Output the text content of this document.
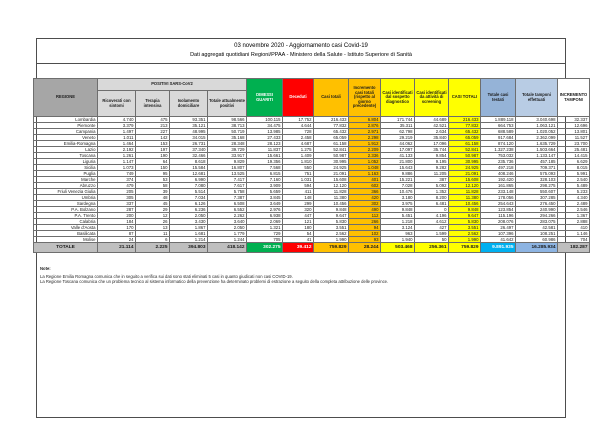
03 novembre 2020 - Aggiornamento casi Covid-19
Dati aggregati quotidiani Regioni/PPAA - Ministero della Salute - Istituto Superiore di Sanità
REGIONE	POSITIVI SARS-CoV2				DIMESSI GUARITI	Deceduti	Casi totali	Incremento casi totali (rispetto al giorno precedente)	Casi identificati dal sospetto diagnostico	Casi identificati da attività di screening	CASI TOTALI	Totale casi testati	Totale tamponi effettuati	INCREMENTO TAMPONI
	Ricoverati con sintomi	Terapia intensiva	Isolamento domiciliare	Totale attualmente positivi										
Lombardia	4.740	475	93.351	98.566	100.115	17.752	216.433	6.804	171.744	44.689	216.433	1.889.118	3.040.698	32.337
Piemonte	3.379	213	35.121	38.713	34.475	4.644	77.832	2.876	35.311	42.521	77.832	664.753	1.063.121	12.696
Campania	1.497	227	48.995	50.719	13.985	728	65.432	2.971	62.798	2.634	65.432	688.589	1.020.052	13.801
Veneto	1.011	142	34.015	35.168	27.433	2.458	65.059	2.298	29.219	35.840	65.059	917.684	2.362.099	11.527
Emilia-Romagna	1.464	153	26.731	28.348	28.123	4.687	61.158	1.912	44.062	17.096	61.158	874.120	1.635.729	23.700
Lazio	2.192	197	37.340	39.729	11.837	1.275	52.841	2.209	17.097	35.744	52.841	1.327.238	1.503.664	25.481
Toscana	1.261	190	32.466	33.917	15.661	1.409	50.987	2.336	41.133	9.854	50.987	753.032	1.133.147	14.415
Liguria	1.147	64	8.618	9.829	19.356	1.810	30.995	1.052	21.800	9.195	30.995	235.736	457.185	6.629
Sicilia	1.073	150	15.584	16.807	7.568	550	24.925	1.048	15.643	9.282	24.925	497.218	709.371	8.015
Puglia	749	95	12.681	13.525	6.815	751	21.091	1.163	9.886	11.205	21.091	408.246	575.093	5.991
Marche	374	53	6.990	7.417	7.160	1.031	15.608	401	15.221	387	15.608	192.420	328.103	2.540
Abruzzo	479	58	7.080	7.617	3.909	594	12.120	602	7.028	5.092	12.120	161.865	298.275	5.489
Friuli Venezia Giulia	205	39	5.514	5.758	5.659	411	11.828	366	10.476	1.352	11.828	233.148	550.607	5.233
Umbria	305	48	7.034	7.387	3.845	148	11.380	420	3.180	8.200	11.380	178.056	307.285	4.340
Sardegna	337	45	6.126	6.508	3.649	299	10.456	302	3.975	6.481	10.456	254.643	276.450	2.489
P.A. Bolzano	287	29	6.236	6.552	2.976	320	9.848	490	9.848	0	9.848	123.854	240.990	2.546
P.A. Trento	200	12	2.050	2.262	6.938	447	9.647	112	5.451	4.196	9.647	115.196	294.266	1.367
Calabria	184	26	3.430	3.640	2.069	121	5.830	266	1.218	4.612	5.830	208.076	283.075	2.888
Valle d'Aosta	170	13	1.867	2.050	1.321	180	3.551	94	3.124	427	3.551	26.497	42.581	410
Basilicata	87	11	1.681	1.779	729	54	2.562	102	963	1.599	2.562	107.396	108.251	1.146
Molise	24	6	1.214	1.244	705	41	1.990	93	1.940	50	1.990	41.642	60.986	704
TOTALE	21.114	2.225	394.803	418.142	302.275	39.412	759.829	28.244	503.468	256.361	759.829	9.891.935	16.285.934	182.287
Note:
La Regione Emilia Romagna comunica che in seguito a verifica sui dati sono stati eliminati 5 casi in quanto giudicati non casi COVID-19.
La Regione Toscana comunica che un problema tecnico al sistema informatico della prevenzione ha determinato problemi di estrazione a seguito della completa attribuzione delle province.
